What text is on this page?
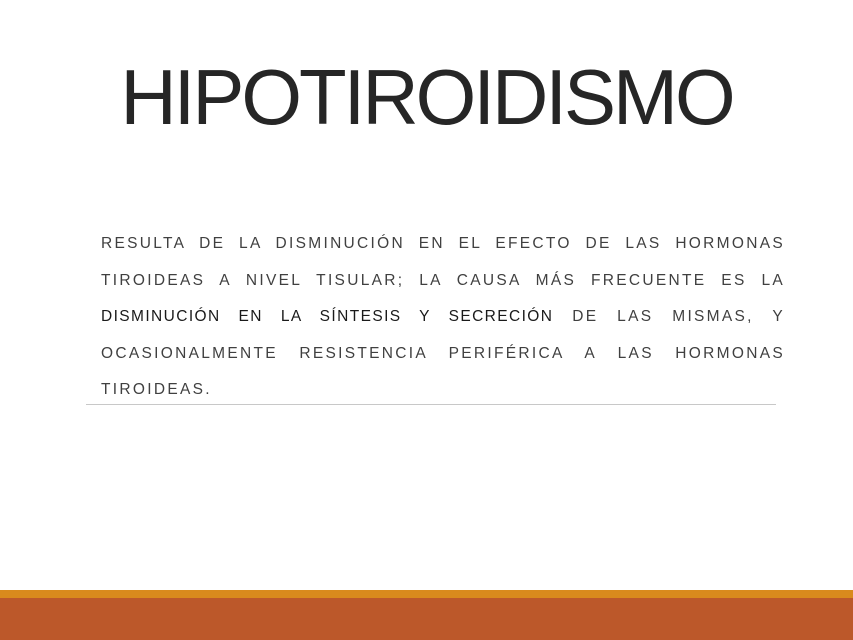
HIPOTIROIDISMO

RESULTA DE LA DISMINUCIÓN EN EL EFECTO DE LAS HORMONAS TIROIDEAS A NIVEL TISULAR; LA CAUSA MÁS FRECUENTE ES LA DISMINUCIÓN EN LA SÍNTESIS Y SECRECIÓN DE LAS MISMAS, Y OCASIONALMENTE RESISTENCIA PERIFÉRICA A LAS HORMONAS TIROIDEAS.
